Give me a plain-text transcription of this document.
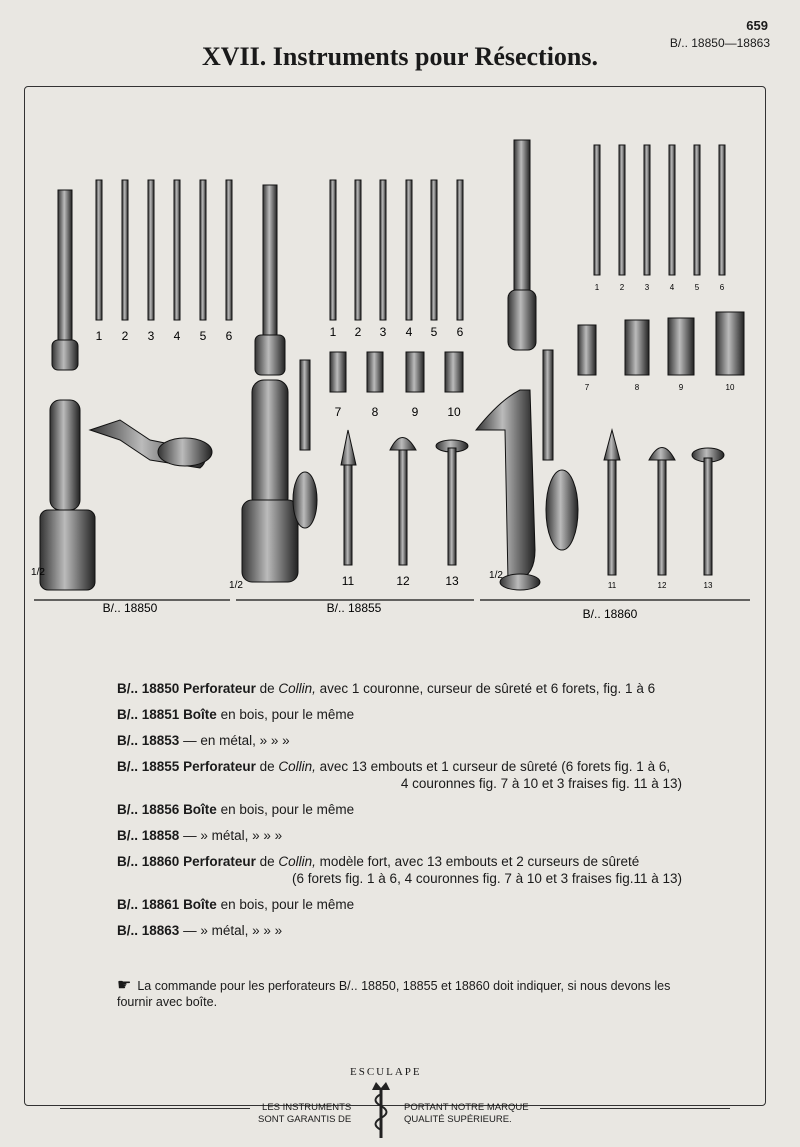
659
B/.. 18850—18863
XVII. Instruments pour Résections.
1 2 3 4 5 6	1 2 3 4 5 6
7	8	9 10
11	12	13
1	2	3	4	5	6
7	8	9	10
11	12	13
1/2
1/2
1/2
B/.. 18850	B/.. 18855	B/.. 18860
B/.. 18850 Perforateur de Collin, avec 1 couronne, curseur de sûreté et 6 forets, fig. 1 à 6
B/.. 18851 Boîte en bois, pour le même
B/.. 18853 — en métal, » » »
B/.. 18855 Perforateur de Collin, avec 13 embouts et 1 curseur de sûreté (6 forets fig. 1 à 6,
4 couronnes fig. 7 à 10 et 3 fraises fig. 11 à 13)
B/.. 18856 Boîte en bois, pour le même
B/.. 18858 — » métal, » » »
B/.. 18860 Perforateur de Collin, modèle fort, avec 13 embouts et 2 curseurs de sûreté
(6 forets fig. 1 à 6, 4 couronnes fig. 7 à 10 et 3 fraises fig.11 à 13)
B/.. 18861 Boîte en bois, pour le même
B/.. 18863 — » métal, » » »
☛ La commande pour les perforateurs B/.. 18850, 18855 et 18860 doit indiquer, si nous devons les fournir avec boîte.
ESCULAPE
LES INSTRUMENTS
SONT GARANTIS DE
PORTANT NOTRE MARQUE
QUALITÉ SUPÉRIEURE.
